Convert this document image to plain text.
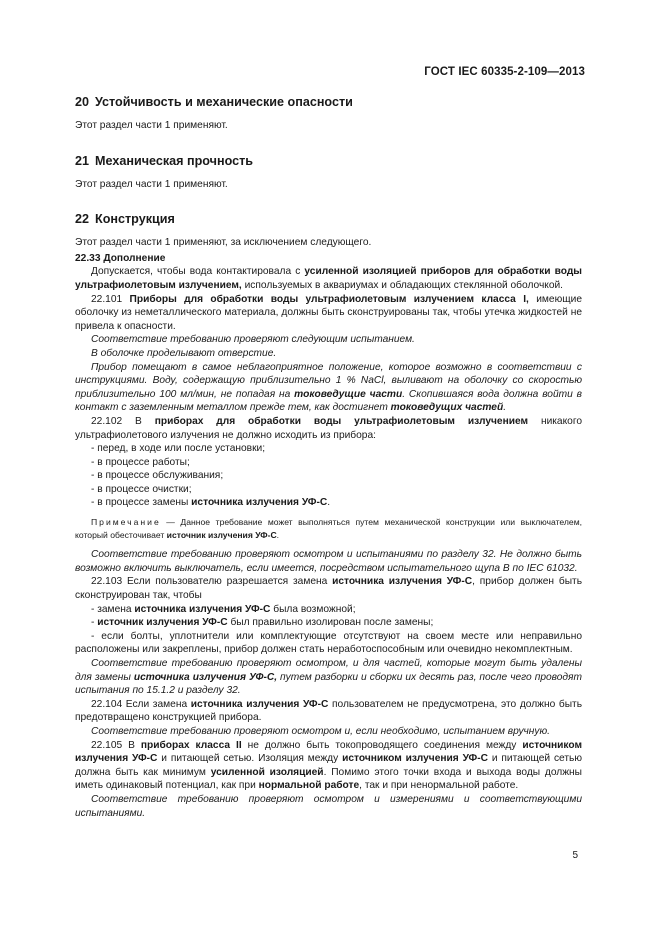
ГОСТ IEC 60335-2-109—2013
20 Устойчивость и механические опасности

Этот раздел части 1 применяют.

21 Механическая прочность

Этот раздел части 1 применяют.

22 Конструкция

Этот раздел части 1 применяют, за исключением следующего.

22.33 Дополнение

Допускается, чтобы вода контактировала с усиленной изоляцией приборов для обработки воды ультрафиолетовым излучением, используемых в аквариумах и обладающих стеклянной оболочкой.

22.101 Приборы для обработки воды ультрафиолетовым излучением класса I, имеющие оболочку из неметаллического материала, должны быть сконструированы так, чтобы утечка жидкостей не привела к опасности.

Соответствие требованию проверяют следующим испытанием.

В оболочке проделывают отверстие.

Прибор помещают в самое неблагоприятное положение, которое возможно в соответствии с инструкциями. Воду, содержащую приблизительно 1 % NaCl, выливают на оболочку со скоростью приблизительно 100 мл/мин, не попадая на токоведущие части. Скопившаяся вода должна войти в контакт с заземленным металлом прежде тем, как достигнет токоведущих частей.

22.102 В приборах для обработки воды ультрафиолетовым излучением никакого ультрафиолетового излучения не должно исходить из прибора:

- перед, в ходе или после установки;

- в процессе работы;

- в процессе обслуживания;

- в процессе очистки;

- в процессе замены источника излучения УФ-С.

Примечание — Данное требование может выполняться путем механической конструкции или выключателем, который обесточивает источник излучения УФ-С.

Соответствие требованию проверяют осмотром и испытаниями по разделу 32. Не должно быть возможно включить выключатель, если имеется, посредством испытательного щупа В по IEC 61032.

22.103 Если пользователю разрешается замена источника излучения УФ-С, прибор должен быть сконструирован так, чтобы

- замена источника излучения УФ-С была возможной;

- источник излучения УФ-С был правильно изолирован после замены;

- если болты, уплотнители или комплектующие отсутствуют на своем месте или неправильно расположены или закреплены, прибор должен стать неработоспособным или очевидно некомплектным.

Соответствие требованию проверяют осмотром, и для частей, которые могут быть удалены для замены источника излучения УФ-С, путем разборки и сборки их десять раз, после чего проводят испытания по 15.1.2 и разделу 32.

22.104 Если замена источника излучения УФ-С пользователем не предусмотрена, это должно быть предотвращено конструкцией прибора.

Соответствие требованию проверяют осмотром и, если необходимо, испытанием вручную.

22.105 В приборах класса II не должно быть токопроводящего соединения между источником излучения УФ-С и питающей сетью. Изоляция между источником излучения УФ-С и питающей сетью должна быть как минимум усиленной изоляцией. Помимо этого точки входа и выхода воды должны иметь одинаковый потенциал, как при нормальной работе, так и при ненормальной работе.

Соответствие требованию проверяют осмотром и измерениями и соответствующими испытаниями.

5
